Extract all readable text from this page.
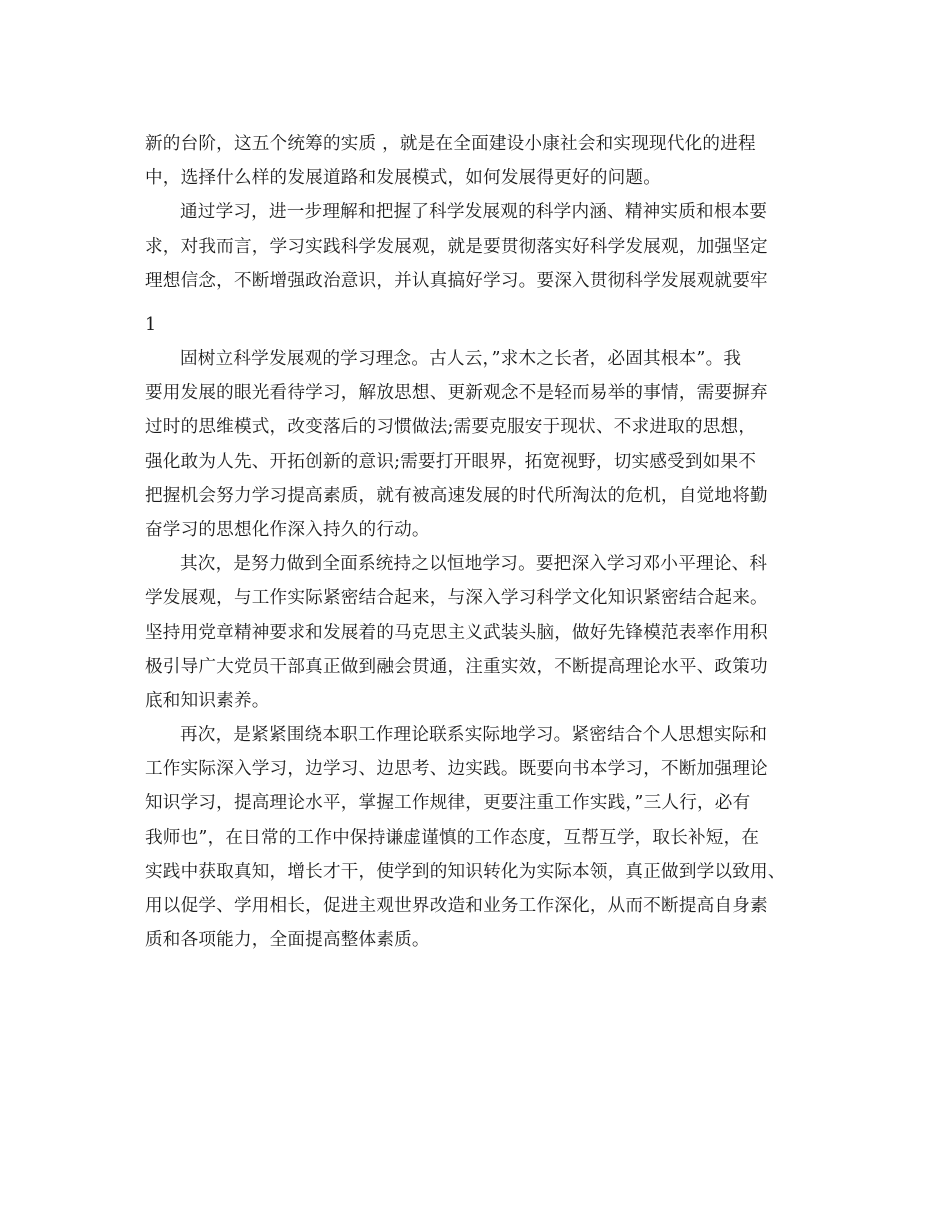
新的台阶，这五个统筹的实质 ，就是在全面建设小康社会和实现现代化的进程
中，选择什么样的发展道路和发展模式，如何发展得更好的问题。
通过学习，进一步理解和把握了科学发展观的科学内涵、精神实质和根本要
求，对我而言，学习实践科学发展观，就是要贯彻落实好科学发展观，加强坚定
理想信念，不断增强政治意识，并认真搞好学习。要深入贯彻科学发展观就要牢
1
固树立科学发展观的学习理念。古人云，”求木之长者，必固其根本”。我
要用发展的眼光看待学习，解放思想、更新观念不是轻而易举的事情，需要摒弃
过时的思维模式，改变落后的习惯做法;需要克服安于现状、不求进取的思想，
强化敢为人先、开拓创新的意识;需要打开眼界，拓宽视野，切实感受到如果不
把握机会努力学习提高素质，就有被高速发展的时代所淘汰的危机，自觉地将勤
奋学习的思想化作深入持久的行动。
其次，是努力做到全面系统持之以恒地学习。要把深入学习邓小平理论、科
学发展观，与工作实际紧密结合起来，与深入学习科学文化知识紧密结合起来。
坚持用党章精神要求和发展着的马克思主义武装头脑，做好先锋模范表率作用积
极引导广大党员干部真正做到融会贯通，注重实效，不断提高理论水平、政策功
底和知识素养。
再次，是紧紧围绕本职工作理论联系实际地学习。紧密结合个人思想实际和
工作实际深入学习，边学习、边思考、边实践。既要向书本学习，不断加强理论
知识学习，提高理论水平，掌握工作规律，更要注重工作实践，”三人行，必有
我师也”，在日常的工作中保持谦虚谨慎的工作态度，互帮互学，取长补短，在
实践中获取真知，增长才干，使学到的知识转化为实际本领，真正做到学以致用、
用以促学、学用相长，促进主观世界改造和业务工作深化，从而不断提高自身素
质和各项能力，全面提高整体素质。
